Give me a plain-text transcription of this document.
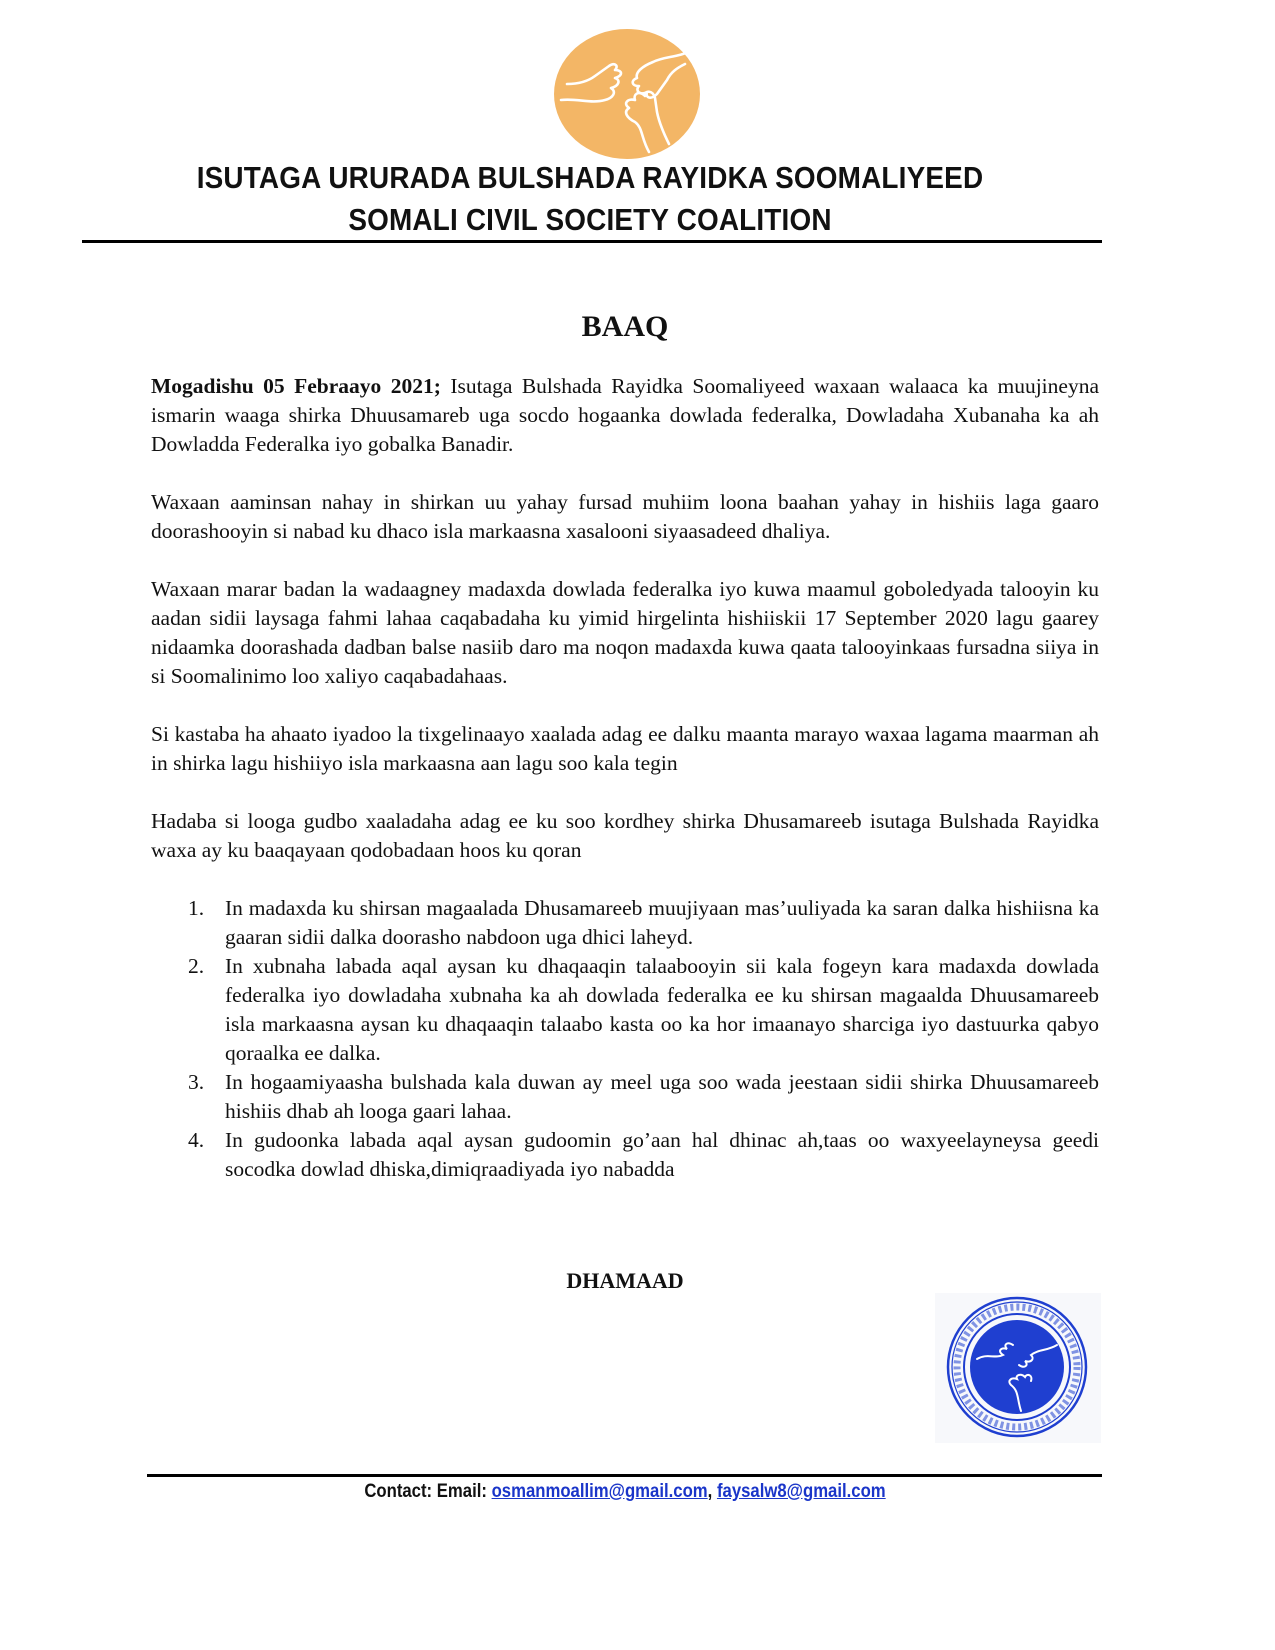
ISUTAGA URURADA BULSHADA RAYIDKA SOOMALIYEED
SOMALI CIVIL SOCIETY COALITION
BAAQ

Mogadishu 05 Febraayo 2021; Isutaga Bulshada Rayidka Soomaliyeed waxaan walaaca ka muujineyna ismarin waaga shirka Dhuusamareb uga socdo hogaanka dowlada federalka, Dowladaha Xubanaha ka ah Dowladda Federalka iyo gobalka Banadir.

Waxaan aaminsan nahay in shirkan uu yahay fursad muhiim loona baahan yahay in hishiis laga gaaro doorashooyin si nabad ku dhaco isla markaasna xasalooni siyaasadeed dhaliya.

Waxaan marar badan la wadaagney madaxda dowlada federalka iyo kuwa maamul goboledyada talooyin ku aadan sidii laysaga fahmi lahaa caqabadaha ku yimid hirgelinta hishiiskii 17 September 2020 lagu gaarey nidaamka doorashada dadban balse nasiib daro ma noqon madaxda kuwa qaata talooyinkaas fursadna siiya in si Soomalinimo loo xaliyo caqabadahaas.

Si kastaba ha ahaato iyadoo la tixgelinaayo xaalada adag ee dalku maanta marayo waxaa lagama maarman ah in shirka lagu hishiiyo isla markaasna aan lagu soo kala tegin

Hadaba si looga gudbo xaaladaha adag ee ku soo kordhey shirka Dhusamareeb isutaga Bulshada Rayidka waxa ay ku baaqayaan qodobadaan hoos ku qoran

1. In madaxda ku shirsan magaalada Dhusamareeb muujiyaan mas’uuliyada ka saran dalka hishiisna ka gaaran sidii dalka doorasho nabdoon uga dhici laheyd.
2. In xubnaha labada aqal aysan ku dhaqaaqin talaabooyin sii kala fogeyn kara madaxda dowlada federalka iyo dowladaha xubnaha ka ah dowlada federalka ee ku shirsan magaalda Dhuusamareeb isla markaasna aysan ku dhaqaaqin talaabo kasta oo ka hor imaanayo sharciga iyo dastuurka qabyo qoraalka ee dalka.
3. In hogaamiyaasha bulshada kala duwan ay meel uga soo wada jeestaan sidii shirka Dhuusamareeb hishiis dhab ah looga gaari lahaa.
4. In gudoonka labada aqal aysan gudoomin go’aan hal dhinac ah,taas oo waxyeelayneysa geedi socodka dowlad dhiska,dimiqraadiyada iyo nabadda
DHAMAAD
Contact: Email: osmanmoallim@gmail.com, faysalw8@gmail.com
